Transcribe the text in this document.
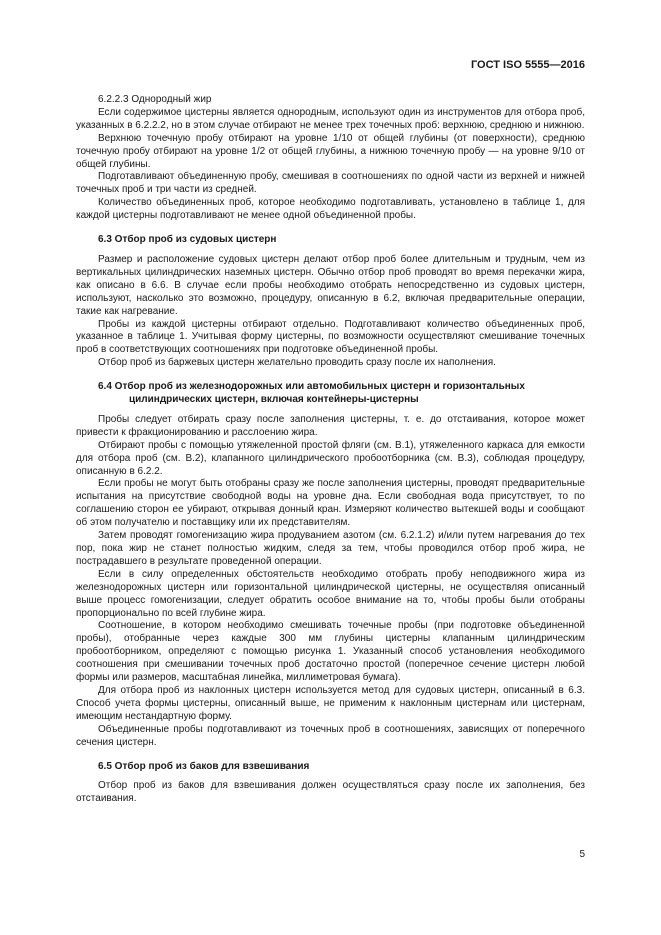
ГОСТ ISO 5555—2016
6.2.2.3 Однородный жир

Если содержимое цистерны является однородным, используют один из инструментов для отбора проб, указанных в 6.2.2.2, но в этом случае отбирают не менее трех точечных проб: верхнюю, среднюю и нижнюю.

Верхнюю точечную пробу отбирают на уровне 1/10 от общей глубины (от поверхности), среднюю точечную пробу отбирают на уровне 1/2 от общей глубины, а нижнюю точечную пробу — на уровне 9/10 от общей глубины.

Подготавливают объединенную пробу, смешивая в соотношениях по одной части из верхней и нижней точечных проб и три части из средней.

Количество объединенных проб, которое необходимо подготавливать, установлено в таблице 1, для каждой цистерны подготавливают не менее одной объединенной пробы.

6.3 Отбор проб из судовых цистерн

Размер и расположение судовых цистерн делают отбор проб более длительным и трудным, чем из вертикальных цилиндрических наземных цистерн. Обычно отбор проб проводят во время перекачки жира, как описано в 6.6. В случае если пробы необходимо отобрать непосредственно из судовых цистерн, используют, насколько это возможно, процедуру, описанную в 6.2, включая предварительные операции, такие как нагревание.

Пробы из каждой цистерны отбирают отдельно. Подготавливают количество объединенных проб, указанное в таблице 1. Учитывая форму цистерны, по возможности осуществляют смешивание точечных проб в соответствующих соотношениях при подготовке объединенной пробы.

Отбор проб из баржевых цистерн желательно проводить сразу после их наполнения.

6.4 Отбор проб из железнодорожных или автомобильных цистерн и горизонтальных
цилиндрических цистерн, включая контейнеры-цистерны

Пробы следует отбирать сразу после заполнения цистерны, т. е. до отстаивания, которое может привести к фракционированию и расслоению жира.

Отбирают пробы с помощью утяжеленной простой фляги (см. В.1), утяжеленного каркаса для емкости для отбора проб (см. В.2), клапанного цилиндрического пробоотборника (см. В.3), соблюдая процедуру, описанную в 6.2.2.

Если пробы не могут быть отобраны сразу же после заполнения цистерны, проводят предварительные испытания на присутствие свободной воды на уровне дна. Если свободная вода присутствует, то по соглашению сторон ее убирают, открывая донный кран. Измеряют количество вытекшей воды и сообщают об этом получателю и поставщику или их представителям.

Затем проводят гомогенизацию жира продуванием азотом (см. 6.2.1.2) и/или путем нагревания до тех пор, пока жир не станет полностью жидким, следя за тем, чтобы проводился отбор проб жира, не пострадавшего в результате проведенной операции.

Если в силу определенных обстоятельств необходимо отобрать пробу неподвижного жира из железнодорожных цистерн или горизонтальной цилиндрической цистерны, не осуществляя описанный выше процесс гомогенизации, следует обратить особое внимание на то, чтобы пробы были отобраны пропорционально по всей глубине жира.

Соотношение, в котором необходимо смешивать точечные пробы (при подготовке объединенной пробы), отобранные через каждые 300 мм глубины цистерны клапанным цилиндрическим пробоотборником, определяют с помощью рисунка 1. Указанный способ установления необходимого соотношения при смешивании точечных проб достаточно простой (поперечное сечение цистерн любой формы или размеров, масштабная линейка, миллиметровая бумага).

Для отбора проб из наклонных цистерн используется метод для судовых цистерн, описанный в 6.3. Способ учета формы цистерны, описанный выше, не применим к наклонным цистернам или цистернам, имеющим нестандартную форму.

Объединенные пробы подготавливают из точечных проб в соотношениях, зависящих от поперечного сечения цистерн.

6.5 Отбор проб из баков для взвешивания

Отбор проб из баков для взвешивания должен осуществляться сразу после их заполнения, без отстаивания.

5
